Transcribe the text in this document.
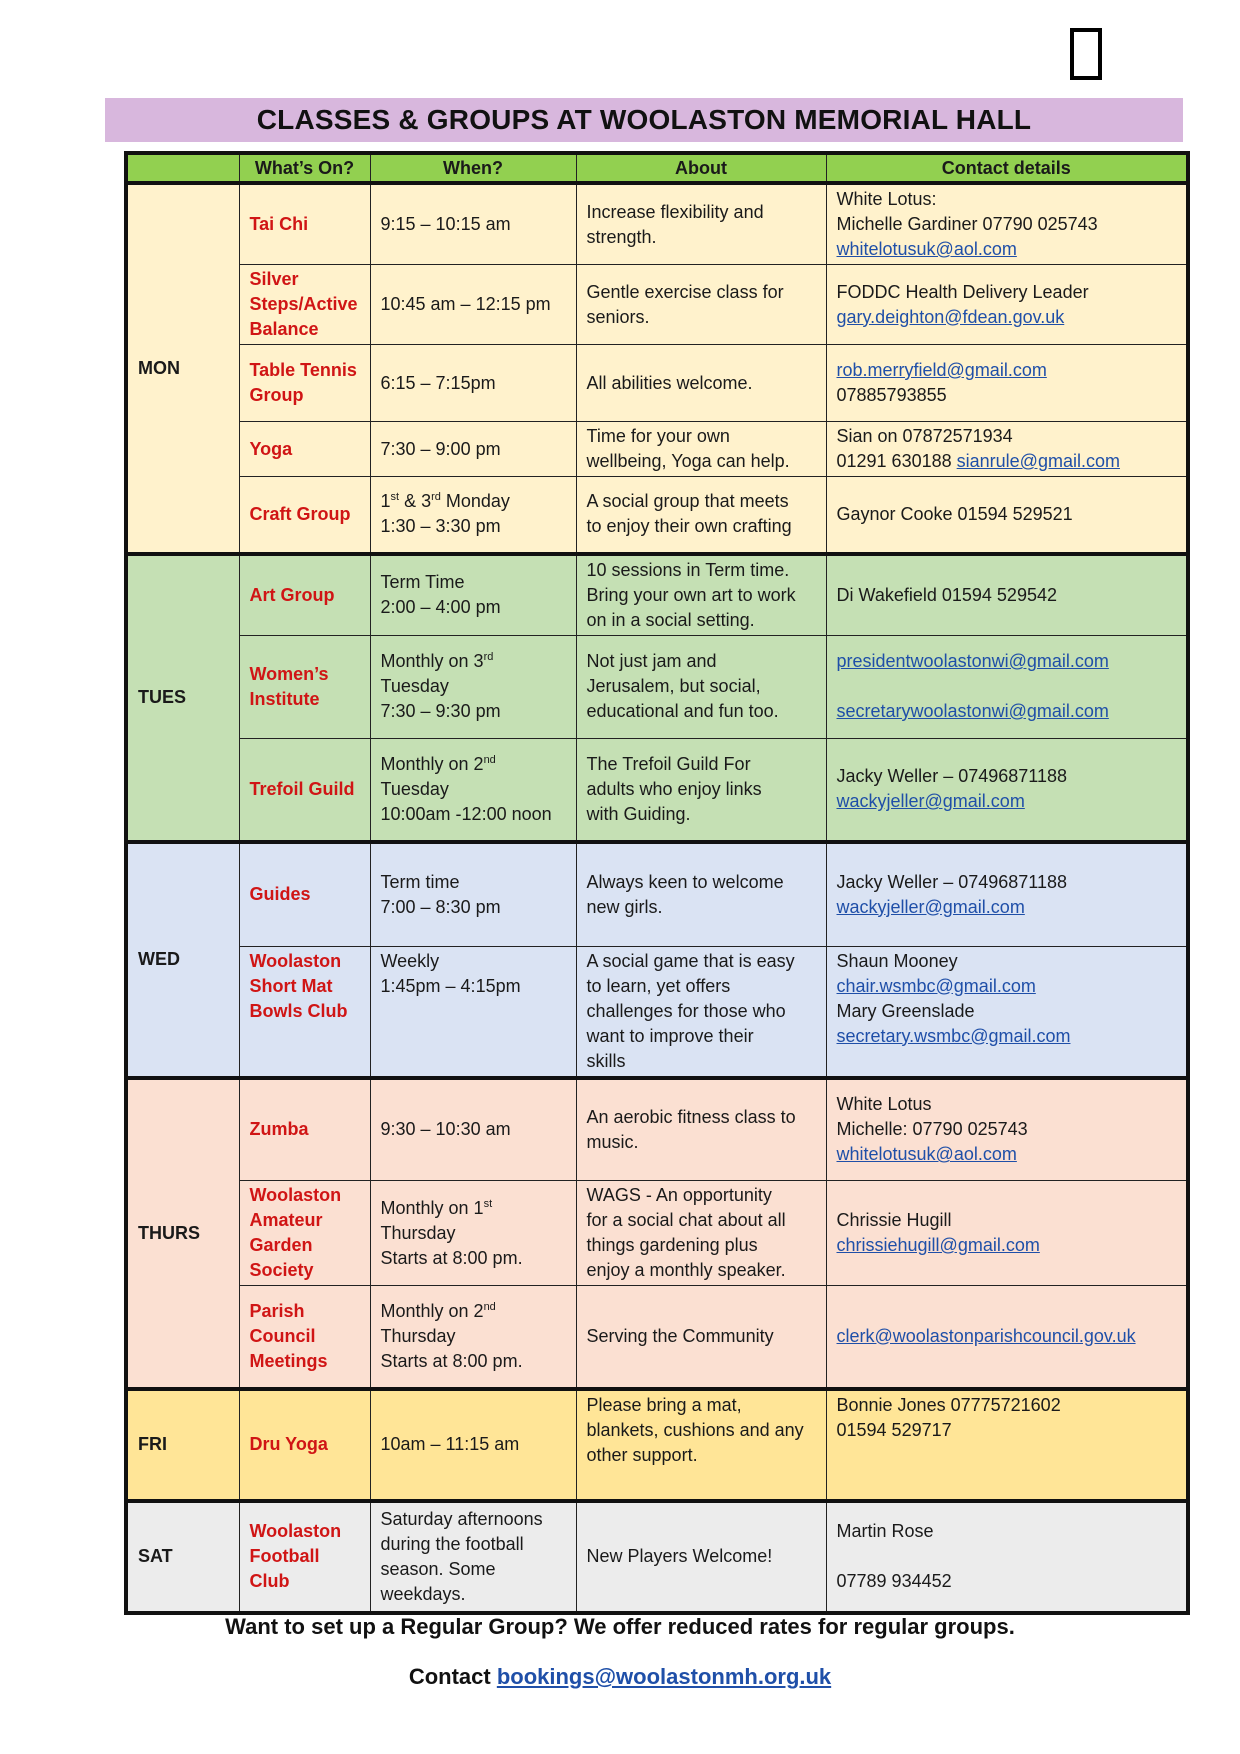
CLASSES & GROUPS AT WOOLASTON MEMORIAL HALL
	What’s On?	When?	About	Contact details
MON	Tai Chi	9:15 – 10:15 am	Increase flexibility and
strength.	White Lotus:
Michelle Gardiner 07790 025743
whitelotusuk@aol.com

	Silver
Steps/Active
Balance	10:45 am – 12:15 pm	Gentle exercise class for
seniors.	FODDC Health Delivery Leader
gary.deighton@fdean.gov.uk

	Table Tennis
Group	6:15 – 7:15pm	All abilities welcome.	rob.merryfield@gmail.com
07885793855

	Yoga	7:30 – 9:00 pm	Time for your own
wellbeing, Yoga can help.	Sian on 07872571934
01291 630188 sianrule@gmail.com

	Craft Group	1st & 3rd Monday
1:30 – 3:30 pm	A social group that meets
to enjoy their own crafting	Gaynor Cooke 01594 529521

TUES	Art Group	Term Time
2:00 – 4:00 pm	10 sessions in Term time.
Bring your own art to work
on in a social setting.	Di Wakefield 01594 529542

	Women’s
Institute	Monthly on 3rd
Tuesday
7:30 – 9:30 pm	Not just jam and
Jerusalem, but social,
educational and fun too.	presidentwoolastonwi@gmail.com

secretarywoolastonwi@gmail.com

	Trefoil Guild	Monthly on 2nd
Tuesday
10:00am -12:00 noon	The Trefoil Guild For
adults who enjoy links
with Guiding.	Jacky Weller – 07496871188
wackyjeller@gmail.com

WED	Guides	Term time
7:00 – 8:30 pm	Always keen to welcome
new girls.	Jacky Weller – 07496871188
wackyjeller@gmail.com

	Woolaston
Short Mat
Bowls Club	Weekly
1:45pm – 4:15pm	A social game that is easy
to learn, yet offers
challenges for those who
want to improve their
skills	Shaun Mooney
chair.wsmbc@gmail.com
Mary Greenslade
secretary.wsmbc@gmail.com

THURS	Zumba	9:30 – 10:30 am	An aerobic fitness class to
music.	White Lotus
Michelle: 07790 025743
whitelotusuk@aol.com

	Woolaston
Amateur
Garden
Society	Monthly on 1st
Thursday
Starts at 8:00 pm.	WAGS - An opportunity
for a social chat about all
things gardening plus
enjoy a monthly speaker.	Chrissie Hugill
chrissiehugill@gmail.com

	Parish
Council
Meetings	Monthly on 2nd
Thursday
Starts at 8:00 pm.	Serving the Community	clerk@woolastonparishcouncil.gov.uk

FRI	Dru Yoga	10am – 11:15 am	Please bring a mat,
blankets, cushions and any
other support.	Bonnie Jones 07775721602
01594 529717

SAT	Woolaston
Football
Club	Saturday afternoons
during the football
season. Some
weekdays.	New Players Welcome!	Martin Rose

07789 934452
Want to set up a Regular Group? We offer reduced rates for regular groups.
Contact bookings@woolastonmh.org.uk
